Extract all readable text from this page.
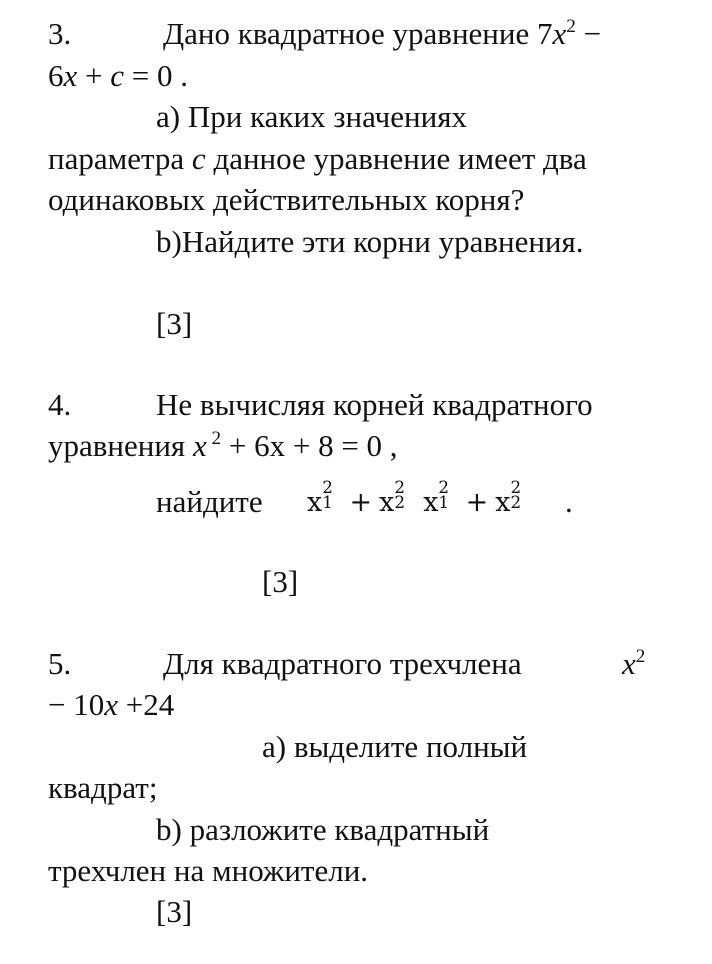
3.	Дано квадратное уравнение $7x^2$ −
6x + c = 0 .
a) При каких значениях
параметра c данное уравнение имеет два
одинаковых действительных корня?
b)Найдите эти корни уравнения.
[3]
4.	Не вычисляя корней квадратного
уравнения x $^2$ + 6x + 8 = 0 ,
найдите x
2
1 + x
2
2 x
2
1 + x
2
2 .
[3]
5.	Для квадратного трехчлена	$x^2$
− 10x +24
а) выделите полный
квадрат;
b) разложите квадратный
трехчлен на множители.
[3]
